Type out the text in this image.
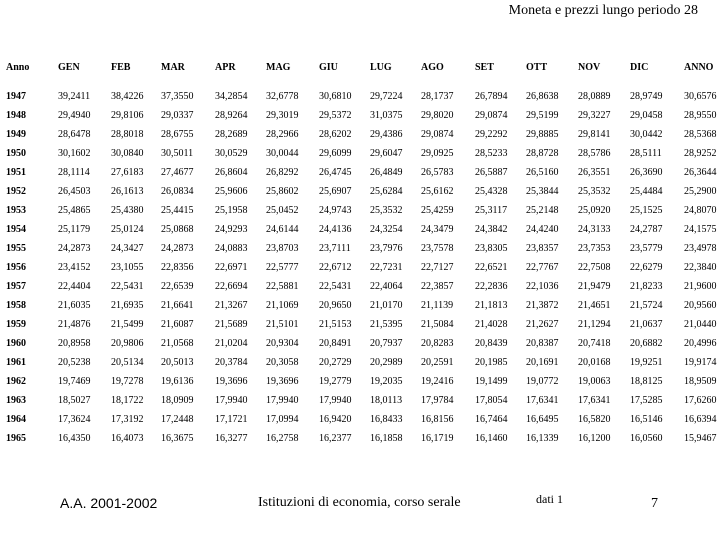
Moneta e prezzi lungo periodo 28
Anno	GEN	FEB	MAR	APR	MAG	GIU	LUG	AGO	SET	OTT	NOV	DIC	ANNO
1947	39,2411 38,4226 37,3550 34,2854 32,6778 30,6810 29,7224 28,1737 26,7894 26,8638 28,0889 28,9749 30,6576
1948	29,4940 29,8106 29,0337 28,9264 29,3019 29,5372 31,0375 29,8020 29,0874 29,5199 29,3227 29,0458 28,9550
1949	28,6478 28,8018 28,6755 28,2689 28,2966 28,6202 29,4386 29,0874 29,2292 29,8885 29,8141 30,0442 28,5368
1950	30,1602 30,0840 30,5011 30,0529 30,0044 29,6099 29,6047 29,0925 28,5233 28,8728 28,5786 28,5111 28,9252
1951	28,1114 27,6183 27,4677 26,8604 26,8292 26,4745 26,4849 26,5783 26,5887 26,5160 26,3551 26,3690 26,3644
1952	26,4503 26,1613 26,0834 25,9606 25,8602 25,6907 25,6284 25,6162 25,4328 25,3844 25,3532 25,4484 25,2900
1953	25,4865 25,4380 25,4415 25,1958 25,0452 24,9743 25,3532 25,4259 25,3117 25,2148 25,0920 25,1525 24,8070
1954	25,1179 25,0124 25,0868 24,9293 24,6144 24,4136 24,3254 24,3479 24,3842 24,4240 24,3133 24,2787 24,1575
1955	24,2873 24,3427 24,2873 24,0883 23,8703 23,7111 23,7976 23,7578 23,8305 23,8357 23,7353 23,5779 23,4978
1956	23,4152 23,1055 22,8356 22,6971 22,5777 22,6712 22,7231 22,7127 22,6521 22,7767 22,7508 22,6279 22,3840
1957	22,4404 22,5431 22,6539 22,6694 22,5881 22,5431 22,4064 22,3857 22,2836 22,1036 21,9479 21,8233 21,9600
1958	21,6035 21,6935 21,6641 21,3267 21,1069 20,9650 21,0170 21,1139 21,1813 21,3872 21,4651 21,5724 20,9560
1959	21,4876 21,5499 21,6087 21,5689 21,5101 21,5153 21,5395 21,5084 21,4028 21,2627 21,1294 21,0637 21,0440
1960	20,8958 20,9806 21,0568 21,0204 20,9304 20,8491 20,7937 20,8283 20,8439 20,8387 20,7418 20,6882 20,4996
1961	20,5238 20,5134 20,5013 20,3784 20,3058 20,2729 20,2989 20,2591 20,1985 20,1691 20,0168 19,9251 19,9174
1962	19,7469 19,7278 19,6136 19,3696 19,3696 19,2779 19,2035 19,2416 19,1499 19,0772 19,0063 18,8125 18,9509
1963	18,5027 18,1722 18,0909 17,9940 17,9940 17,9940 18,0113 17,9784 17,8054 17,6341 17,6341 17,5285 17,6260
1964	17,3624 17,3192 17,2448 17,1721 17,0994 16,9420 16,8433 16,8156 16,7464 16,6495 16,5820 16,5146 16,6394
1965	16,4350 16,4073 16,3675 16,3277 16,2758 16,2377 16,1858 16,1719 16,1460 16,1339 16,1200 16,0560 15,9467
A.A. 2001-2002	Istituzioni di economia, corso serale	dati 1	7
